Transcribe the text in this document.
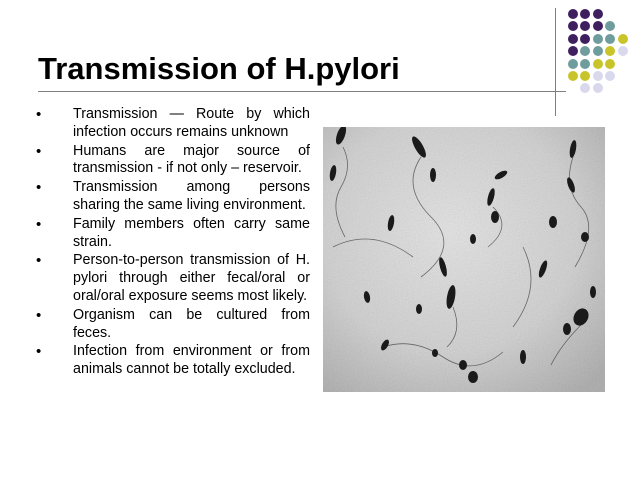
Transmission of H.pylori
• Transmission — Route by which infection occurs remains unknown
• Humans are major source of transmission - if not only – reservoir.
• Transmission among persons sharing the same living environment.
• Family members often carry same strain.
• Person-to-person transmission of H. pylori through either fecal/oral or oral/oral exposure seems most likely.
• Organism can be cultured from feces.
• Infection from environment or from animals cannot be totally excluded.
